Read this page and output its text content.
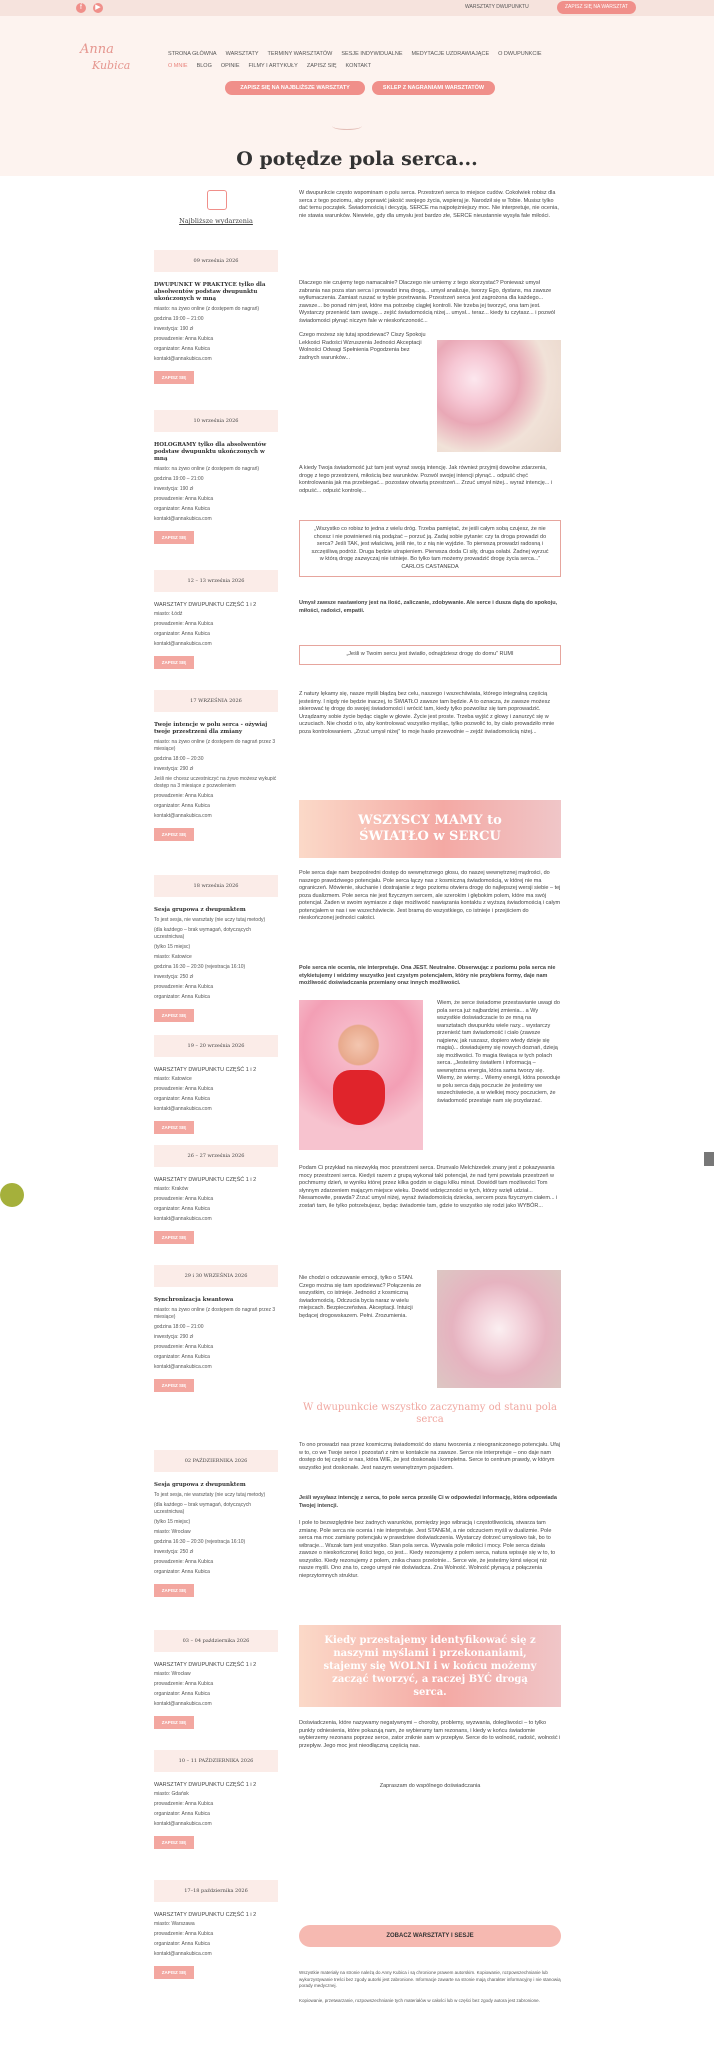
f	▶	WARSZTATY DWUPUNKTU	ZAPISZ SIĘ NA WARSZTAT
Anna
Kubica
STRONA GŁÓWNA WARSZTATY TERMINY WARSZTATÓW SESJE INDYWIDUALNE MEDYTACJE UZDRAWIAJĄCE O DWUPUNKCIE
O MNIE BLOG OPINIE FILMY I ARTYKUŁY ZAPISZ SIĘ KONTAKT
ZAPISZ SIĘ NA NAJBLIŻSZE WARSZTATY	SKLEP Z NAGRANIAMI WARSZTATÓW
O potędze pola serca...
Najbliższe wydarzenia
09 września 2026
DWUPUNKT W PRAKTYCE tylko dla absolwentów podstaw dwupunktu ukończonych w mną
miasto: na żywo online (z dostępem do nagrań)
godzina 19:00 – 21:00
inwestycja: 190 zł
prowadzenie: Anna Kubica
organizator: Anna Kubica
kontakt@annakubica.com
ZAPISZ SIĘ
10 września 2026
HOLOGRAMY tylko dla absolwentów podstaw dwupunktu ukończonych w mną
miasto: na żywo online (z dostępem do nagrań)
godzina 19:00 – 21:00
inwestycja: 190 zł
prowadzenie: Anna Kubica
organizator: Anna Kubica
kontakt@annakubica.com
ZAPISZ SIĘ
12 – 13 września 2026
WARSZTATY DWUPUNKTU CZĘŚĆ 1 i 2
miasto: Łódź
prowadzenie: Anna Kubica
organizator: Anna Kubica
kontakt@annakubica.com
ZAPISZ SIĘ
17 WRZEŚNIA 2026
Twoje intencje w polu serca - ożywiaj twoje przestrzeni dla zmiany
miasto: na żywo online (z dostępem do nagrań przez 3 miesiące)
godzina 18:00 – 20:30
inwestycja: 290 zł
Jeśli nie chcesz uczestniczyć na żywo możesz wykupić dostęp na 3 miesiące z pozwoleniem
prowadzenie: Anna Kubica
organizator: Anna Kubica
kontakt@annakubica.com
ZAPISZ SIĘ
18 września 2026
Sesja grupowa z dwupunktem
To jest sesja, nie warsztaty (nie uczy tutaj metody)
(dla każdego – brak wymagań, dotyczących uczestnictwa)
(tylko 15 miejsc)
miasto: Katowice
godzina 16:30 – 20:30 (rejestracja 16:10)
inwestycja: 250 zł
prowadzenie: Anna Kubica
organizator: Anna Kubica
ZAPISZ SIĘ
19 – 20 września 2026
WARSZTATY DWUPUNKTU CZĘŚĆ 1 i 2
miasto: Katowice
prowadzenie: Anna Kubica
organizator: Anna Kubica
kontakt@annakubica.com
ZAPISZ SIĘ
26 – 27 września 2026
WARSZTATY DWUPUNKTU CZĘŚĆ 1 i 2
miasto: Kraków
prowadzenie: Anna Kubica
organizator: Anna Kubica
kontakt@annakubica.com
ZAPISZ SIĘ
29 i 30 WRZEŚNIA 2026
Synchronizacja kwantowa
miasto: na żywo online (z dostępem do nagrań przez 3 miesiące)
godzina 18:00 – 21:00
inwestycja: 290 zł
prowadzenie: Anna Kubica
organizator: Anna Kubica
kontakt@annakubica.com
ZAPISZ SIĘ
02 PAŹDZIERNIKA 2026
Sesja grupowa z dwupunktem
To jest sesja, nie warsztaty (nie uczy tutaj metody)
(dla każdego – brak wymagań, dotyczących uczestnictwa)
(tylko 15 miejsc)
miasto: Wrocław
godzina 16:30 – 20:30 (rejestracja 16:10)
inwestycja: 250 zł
prowadzenie: Anna Kubica
organizator: Anna Kubica
ZAPISZ SIĘ
03 – 04 października 2026
WARSZTATY DWUPUNKTU CZĘŚĆ 1 i 2
miasto: Wrocław
prowadzenie: Anna Kubica
organizator: Anna Kubica
kontakt@annakubica.com
ZAPISZ SIĘ
10 – 11 PAŹDZIERNIKA 2026
WARSZTATY DWUPUNKTU CZĘŚĆ 1 i 2
miasto: Gdańsk
prowadzenie: Anna Kubica
organizator: Anna Kubica
kontakt@annakubica.com
ZAPISZ SIĘ
17–18 października 2026
WARSZTATY DWUPUNKTU CZĘŚĆ 1 i 2
miasto: Warszawa
prowadzenie: Anna Kubica
organizator: Anna Kubica
kontakt@annakubica.com
ZAPISZ SIĘ
W dwupunkcie często wspominam o polu serca. Przestrzeń serca to miejsce cudów. Cokolwiek robisz dla serca z tego poziomu, aby poprawić jakość swojego życia, wspieraj je. Narodził się w Tobie. Musisz tylko dać temu początek. Świadomością i decyzją. SERCE ma najpotężniejszy moc. Nie interpretuje, nie ocenia, nie stawia warunków. Niewiele, gdy dla umysłu jest bardzo złe, SERCE nieustannie wysyła fale miłości.
Dlaczego nie czujemy tego namacalnie? Dlaczego nie umiemy z tego skorzystać? Ponieważ umysł zabrania nas poza stan serca i prowadzi inną drogą... umysł analizuje, tworzy Ego, dystans, ma zawsze wytłumaczenia. Zamiast ruszać w trybie przetrwania. Przestrzeń serca jest zagrożona dla każdego... zawsze... bo ponad nim jest, które ma potrzebę ciągłej kontroli. Nie trzeba jej tworzyć, ona tam jest. Wystarczy przenieść tam uwagę... zejść świadomością niżej... umysł... teraz... kiedy tu czytasz... i pozwól świadomości płynąć niczym fale w nieskończoność...
Czego możesz się tutaj spodziewać? Ciszy Spokoju Lekkości Radości Wzruszenia Jedności Akceptacji Wolności Odwagi Spełnienia Pogodzenia bez żadnych warunków...
A kiedy Twoja świadomość już tam jest wyraź swoją intencję. Jak również przyjmij dowolne zdarzenia, drogę z tego przestrzeni, miłością bez warunków. Pozwól swojej intencji płynąć... odpuść chęć kontrolowania jak ma przebiegać... pozostaw otwartą przestrzeń... Zrzuć umysł niżej... wyraź intencję... i odpuść... odpuść kontrolę...
„Wszystko co robisz to jedna z wielu dróg. Trzeba pamiętać, że jeśli całym sobą czujesz, że nie chcesz i nie powinieneś nią podążać – porzuć ją. Zadaj sobie pytanie: czy ta droga prowadzi do serca? Jeśli TAK, jest właściwą, jeśli nie, to z nią nie wyjdzie. To pierwszą prowadzi radosną i szczęśliwą podróż. Druga będzie utrapieniem. Pierwsza doda Ci siły, druga osłabi. Żadnej wyrzuć w którą drogę zazwyczaj nie istnieje. Bo tylko tam możemy prowadzić drogę życia serca...” CARLOS CASTANEDA
Umysł zawsze nastawiony jest na ilość, zaliczanie, zdobywanie. Ale serce i dusza dążą do spokoju, miłości, radości, empatii.
„Jeśli w Twoim sercu jest światło, odnajdziesz drogę do domu” RUMI
Z natury lękamy się, nasze myśli błądzą bez celu, naszego i wszechświata, którego integralną częścią jesteśmy. I nigdy nie będzie inaczej, to ŚWIATŁO zawsze tam będzie. A to oznacza, że zawsze możesz skierować tę drogę do swojej świadomości i wrócić tam, kiedy tylko pozwolisz się tam poprowadzić. Urządzamy sobie życie będąc ciągle w głowie. Życie jest proste. Trzeba wyjść z głowy i zanurzyć się w uczuciach. Nie chodzi o to, aby kontrolować wszystko myśląc, tylko pozwolić to, by ciało prowadziło mnie poza kontrolowaniem. „Zrzuć umysł niżej” to moje hasło przewodnie – zejdź świadomością niżej...
WSZYSCY MAMY to ŚWIATŁO w SERCU
Pole serca daje nam bezpośredni dostęp do wewnętrznego głosu, do naszej wewnętrznej mądrości, do naszego prawdziwego potencjału. Pole serca łączy nas z kosmiczną świadomością, w której nie ma ograniczeń. Mówienie, słuchanie i dostrajanie z tego poziomu otwiera drogę do najlepszej wersji siebie – tej poza dualizmem. Pole serca nie jest fizycznym sercem, ale szerokim i głębokim polem, które ma swój potencjał. Żaden w swoim wymiarze z daje możliwość nawiązania kontaktu z wyższą świadomością i całym potencjałem w nas i we wszechświecie. Jest bramą do wszystkiego, co istnieje i przejściem do nieskończonej jedności całości.
Pole serca nie ocenia, nie interpretuje. Ona JEST. Neutralne. Obserwując z poziomu pola serca nie etykietujemy i widzimy wszystko jest czystym potencjałem, który nie przybiera formy, daje nam możliwość doświadczania przemiany oraz innych możliwości.
Wiem, że serce świadome przestawianie uwagi do pola serca już najbardziej zmienia... a Wy wszystkie doświadczacie to ze mną na warsztatach dwupunktu wiele razy... wystarczy przenieść tam świadomość i ciało (zawsze najpierw, jak ruszasz, dopiero wtedy dzieje się magia)... dowiadujemy się nowych doznań, dzieją się możliwości. To magia tkwiąca w tych polach serca. „Jesteśmy światłem i informacją – wewnętrzna energia, która sama tworzy się. Wiemy, że wiemy... Wiemy energii, która powoduje w polu serca dają poczucie że jesteśmy we wszechświecie, a w wielkiej mocy poczuciem, że świadomość przestaje nam się przydarzać.
Podam Ci przykład na niezwykłą moc przestrzeni serca. Drunvalo Melchizedek znany jest z pokazywania mocy przestrzeni serca. Kiedyś razem z grupą wykonał taki potencjał, że nad tymi powstała przestrzeń w pochmurny dzień, w wyniku której przez kilka godzin w ciągu kilku minut. Dowiódł tam możliwości Tom słynnym zdarzeniem mającym miejsce wieku. Dowód wdzięczności w tych, którzy wzięli udział... Niesamowite, prawda? Zrzuć umysł niżej, wyraź świadomością dziecka, sercem poza fizycznym ciałem... i zostań tam, ile tylko potrzebujesz, będąc świadomie tam, gdzie to wszystko się rodzi jako WYBÓR...
Nie chodzi o odczuwanie emocji, tylko o STAN. Czego można się tam spodziewać? Połączenia ze wszystkim, co istnieje. Jedności z kosmiczną świadomością. Odczucia bycia naraz w wielu miejscach. Bezpieczeństwa. Akceptacji. Intuicji będącej drogowskazem. Pełni. Zrozumienia.
W dwupunkcie wszystko zaczynamy od stanu pola serca
To ono prowadzi nas przez kosmiczną świadomość do stanu tworzenia z nieograniczonego potencjału. Ufaj w to, co we Twoje serce i pozostań z nim w kontakcie na zawsze. Serce nie interpretuje – ono daje nam dostęp do tej części w nas, która WIE, że jest doskonała i kompletna. Serce to centrum prawdy, w którym wszystko jest doskonałe. Jest naszym wewnętrznym pojazdem.
Jeśli wysyłasz intencję z serca, to pole serca prześlę Ci w odpowiedzi informację, która odpowiada Twojej intencji.
I pole to bezwzględnie bez żadnych warunków, pomiędzy jego wibracją i częstotliwością, stwarza tam zmianę. Pole serca nie ocenia i nie interpretuje. Jest STANEM, a nie odczuciem myśli w dualizmie. Pole serca ma moc zamiany potencjału w prawdziwe doświadczenia. Wystarczy dotrzeć umysłowo tak, bo to wibracje... Wszak tam jest wszystko. Stan pola serca. Wyzwala pole miłości i mocy. Pole serca działa zawsze o nieskończonej ilości tego, co jest... Kiedy rezonujemy z polem serca, natura wpisuje się w to, to wszystko. Kiedy rezonujemy z polem, znika chaos przelotnie... Serce wie, że jesteśmy kimś więcej niż nasze myśli. Ono zna to, czego umysł nie doświadcza. Zna Wolność. Wolność płynącą z połączenia nieprzytomnych struktur.
Kiedy przestajemy identyfikować się z naszymi myślami i przekonaniami, stajemy się WOLNI i w końcu możemy zacząć tworzyć, a raczej BYĆ drogą serca.
Doświadczenia, które nazywamy negatywnymi – choroby, problemy, wyzwania, dolegliwości – to tylko punkty odniesienia, które pokazują nam, że wybieramy tam rezonans, i kiedy w końcu świadomie wybierzemy rezonans poprzez serce, zator zniknie sam w przepływ. Serce do to wolność, radość, wolność i przepływ. Jego moc jest nieodłączną częścią nas.
Zapraszam do wspólnego doświadczania
ZOBACZ WARSZTATY I SESJE
Wszystkie materiały na stronie należą do Anny Kubica i są chronione prawem autorskim. Kopiowanie, rozpowszechnianie lub wykorzystywanie treści bez zgody autorki jest zabronione. Informacje zawarte na stronie mają charakter informacyjny i nie stanowią porady medycznej.
Kopiowanie, przetwarzanie, rozpowszechnianie tych materiałów w całości lub w części bez zgody autora jest zabronione.
